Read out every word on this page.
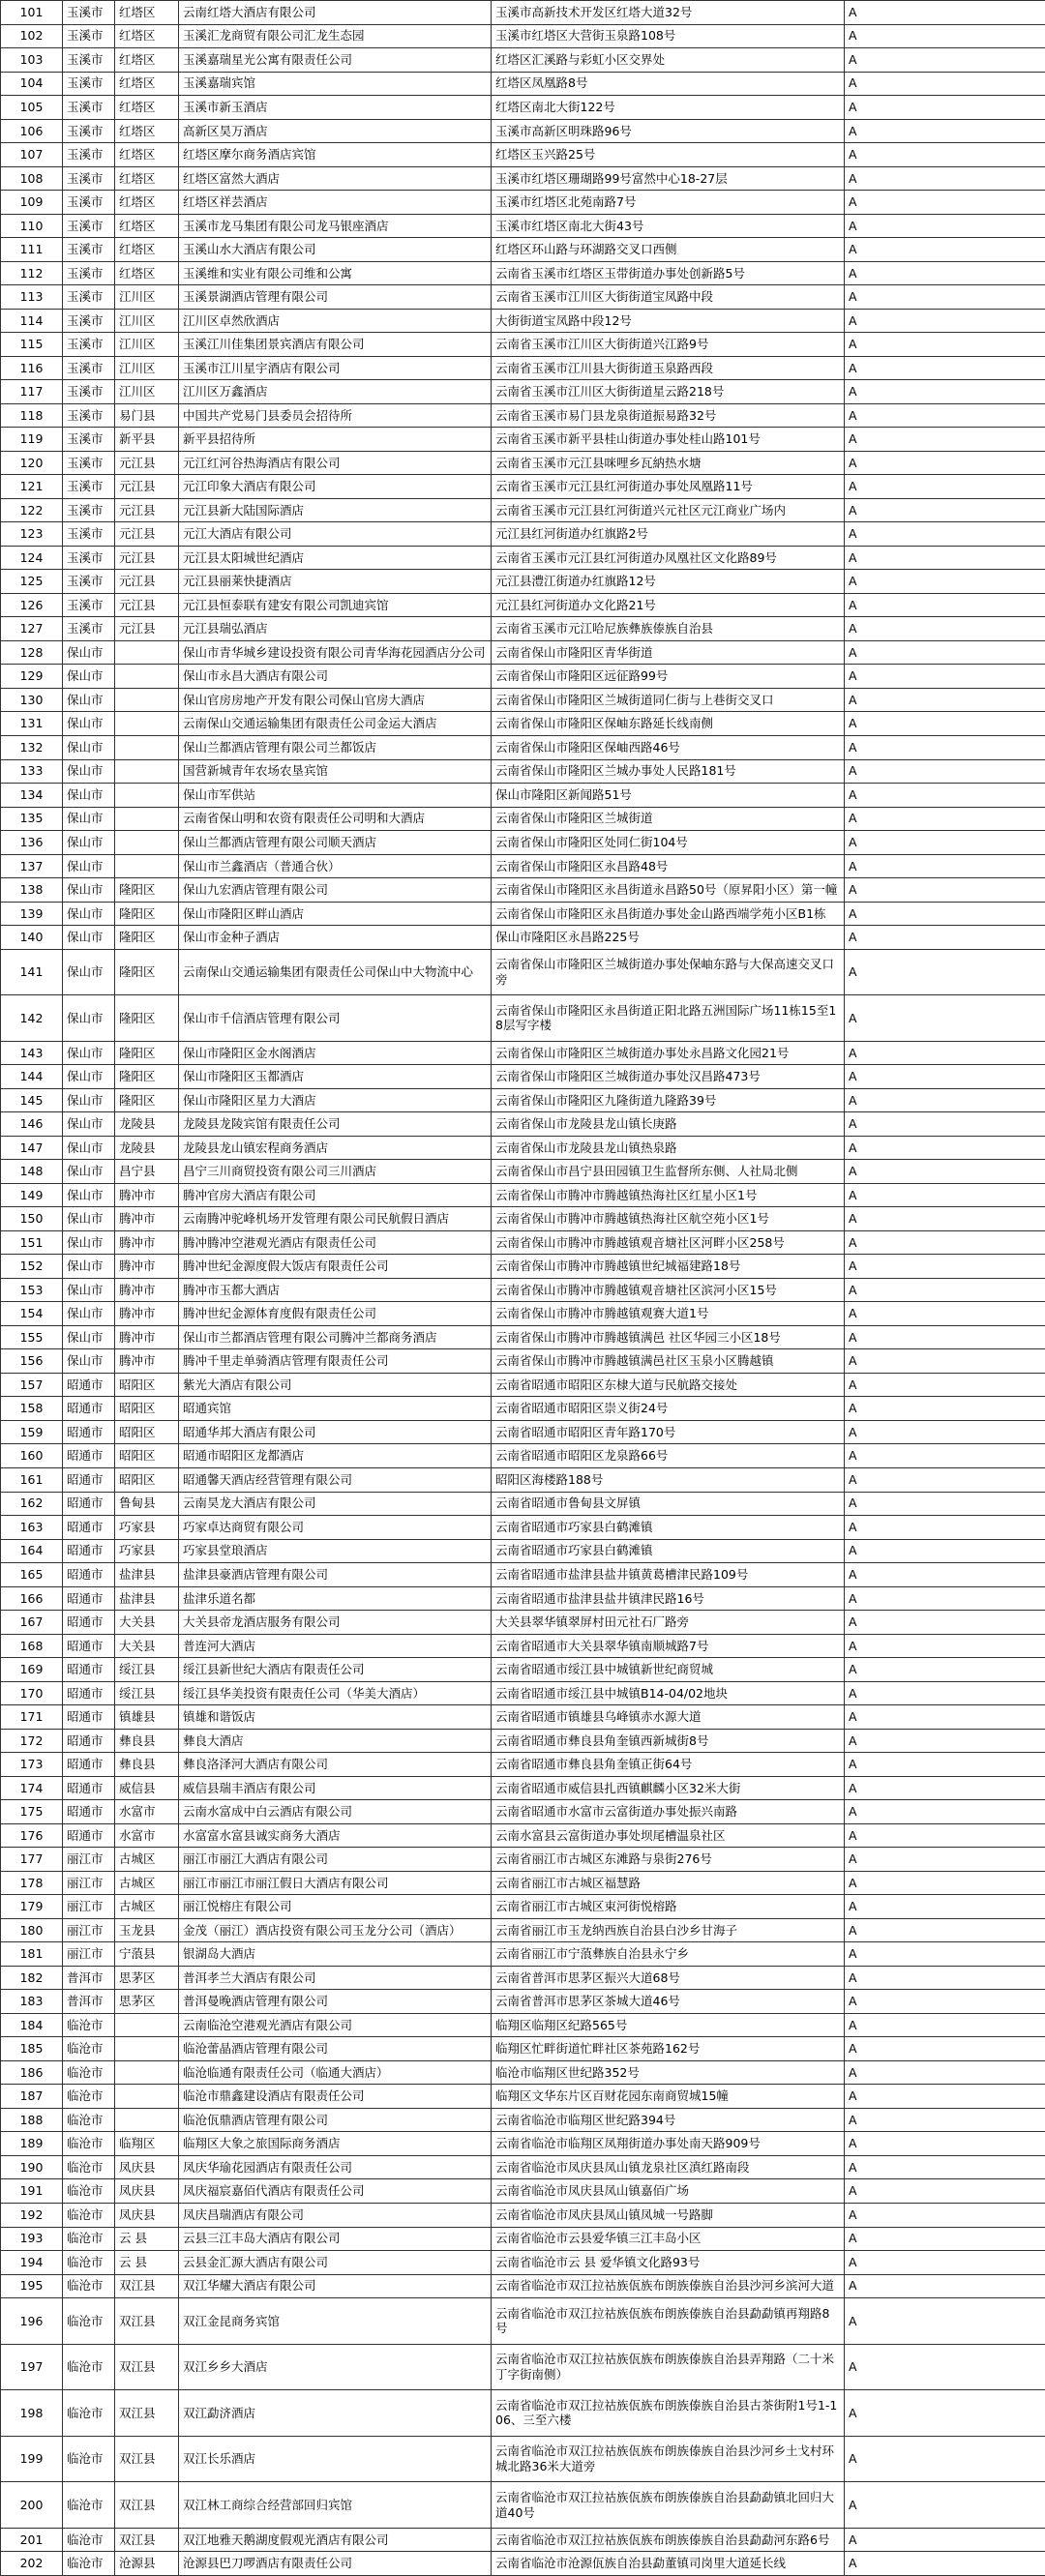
101	玉溪市	红塔区	云南红塔大酒店有限公司	玉溪市高新技术开发区红塔大道32号	A
102	玉溪市	红塔区	玉溪汇龙商贸有限公司汇龙生态园	玉溪市红塔区大营街玉泉路108号	A
103	玉溪市	红塔区	玉溪嘉瑞星光公寓有限责任公司	红塔区汇溪路与彩虹小区交界处	A
104	玉溪市	红塔区	玉溪嘉瑞宾馆	红塔区凤凰路8号	A
105	玉溪市	红塔区	玉溪市新玉酒店	红塔区南北大街122号	A
106	玉溪市	红塔区	高新区昊万酒店	玉溪市高新区明珠路96号	A
107	玉溪市	红塔区	红塔区摩尔商务酒店宾馆	红塔区玉兴路25号	A
108	玉溪市	红塔区	红塔区富然大酒店	玉溪市红塔区珊瑚路99号富然中心18-27层	A
109	玉溪市	红塔区	红塔区祥芸酒店	玉溪市红塔区北苑南路7号	A
110	玉溪市	红塔区	玉溪市龙马集团有限公司龙马银座酒店	玉溪市红塔区南北大街43号	A
111	玉溪市	红塔区	玉溪山水大酒店有限公司	红塔区环山路与环湖路交叉口西侧	A
112	玉溪市	红塔区	玉溪维和实业有限公司维和公寓	云南省玉溪市红塔区玉带街道办事处创新路5号	A
113	玉溪市	江川区	玉溪景湖酒店管理有限公司	云南省玉溪市江川区大街街道宝凤路中段	A
114	玉溪市	江川区	江川区卓然欣酒店	大街街道宝凤路中段12号	A
115	玉溪市	江川区	玉溪江川佳集团景宾酒店有限公司	云南省玉溪市江川区大街街道兴江路9号	A
116	玉溪市	江川区	玉溪市江川星宇酒店有限公司	云南省玉溪市江川县大街街道玉泉路西段	A
117	玉溪市	江川区	江川区万鑫酒店	云南省玉溪市江川区大街街道星云路218号	A
118	玉溪市	易门县	中国共产党易门县委员会招待所	云南省玉溪市易门县龙泉街道振易路32号	A
119	玉溪市	新平县	新平县招待所	云南省玉溪市新平县桂山街道办事处桂山路101号	A
120	玉溪市	元江县	元江红河谷热海酒店有限公司	云南省玉溪市元江县咪哩乡瓦納热水塘	A
121	玉溪市	元江县	元江印象大酒店有限公司	云南省玉溪市元江县红河街道办事处凤凰路11号	A
122	玉溪市	元江县	元江县新大陆国际酒店	云南省玉溪市元江县红河街道兴元社区元江商业广场内	A
123	玉溪市	元江县	元江大酒店有限公司	元江县红河街道办红旗路2号	A
124	玉溪市	元江县	元江县太阳城世纪酒店	云南省玉溪市元江县红河街道办凤凰社区文化路89号	A
125	玉溪市	元江县	元江县丽莱快捷酒店	元江县澧江街道办红旗路12号	A
126	玉溪市	元江县	元江县恒泰联有建安有限公司凯迪宾馆	元江县红河街道办文化路21号	A
127	玉溪市	元江县	元江县瑞弘酒店	云南省玉溪市元江哈尼族彝族傣族自治县	A
128	保山市		保山市青华城乡建设投资有限公司青华海花园酒店分公司	云南省保山市隆阳区青华街道	A
129	保山市		保山市永昌大酒店有限公司	云南省保山市隆阳区远征路99号	A
130	保山市		保山官房房地产开发有限公司保山官房大酒店	云南省保山市隆阳区兰城街道同仁街与上巷街交叉口	A
131	保山市		云南保山交通运输集团有限责任公司金运大酒店	云南省保山市隆阳区保岫东路延长线南侧	A
132	保山市		保山兰都酒店管理有限公司兰都饭店	云南省保山市隆阳区保岫西路46号	A
133	保山市		国营新城青年农场农垦宾馆	云南省保山市隆阳区兰城办事处人民路181号	A
134	保山市		保山市军供站	保山市隆阳区新闻路51号	A
135	保山市		云南省保山明和农资有限责任公司明和大酒店	云南省保山市隆阳区兰城街道	A
136	保山市		保山兰都酒店管理有限公司顺天酒店	云南省保山市隆阳区处同仁街104号	A
137	保山市		保山市兰鑫酒店（普通合伙）	云南省保山市隆阳区永昌路48号	A
138	保山市	隆阳区	保山九宏酒店管理有限公司	云南省保山市隆阳区永昌街道永昌路50号（原昇阳小区）第一幢	A
139	保山市	隆阳区	保山市隆阳区畔山酒店	云南省保山市隆阳区永昌街道办事处金山路西端学苑小区B1栋	A
140	保山市	隆阳区	保山市金种子酒店	保山市隆阳区永昌路225号	A
141	保山市	隆阳区	云南保山交通运输集团有限责任公司保山中大物流中心	云南省保山市隆阳区兰城街道办事处保岫东路与大保高速交叉口旁	A
142	保山市	隆阳区	保山市千信酒店管理有限公司	云南省保山市隆阳区永昌街道正阳北路五洲国际广场11栋15至18层写字楼	A
143	保山市	隆阳区	保山市隆阳区金水阁酒店	云南省保山市隆阳区兰城街道办事处永昌路文化园21号	A
144	保山市	隆阳区	保山市隆阳区玉都酒店	云南省保山市隆阳区兰城街道办事处汉昌路473号	A
145	保山市	隆阳区	保山市隆阳区星力大酒店	云南省保山市隆阳区九隆街道九隆路39号	A
146	保山市	龙陵县	龙陵县龙陵宾馆有限责任公司	云南省保山市龙陵县龙山镇长庚路	A
147	保山市	龙陵县	龙陵县龙山镇宏程商务酒店	云南省保山市龙陵县龙山镇热泉路	A
148	保山市	昌宁县	昌宁三川商贸投资有限公司三川酒店	云南省保山市昌宁县田园镇卫生监督所东侧、人社局北侧	A
149	保山市	腾冲市	腾冲官房大酒店有限公司	云南省保山市腾冲市腾越镇热海社区红星小区1号	A
150	保山市	腾冲市	云南腾冲驼峰机场开发管理有限公司民航假日酒店	云南省保山市腾冲市腾越镇热海社区航空苑小区1号	A
151	保山市	腾冲市	腾冲腾冲空港观光酒店有限责任公司	云南省保山市腾冲市腾越镇观音塘社区河畔小区258号	A
152	保山市	腾冲市	腾冲世纪金源度假大饭店有限责任公司	云南省保山市腾冲市腾越镇世纪城福建路18号	A
153	保山市	腾冲市	腾冲市玉都大酒店	云南省保山市腾冲市腾越镇观音塘社区滨河小区15号	A
154	保山市	腾冲市	腾冲世纪金源体育度假有限责任公司	云南省保山市腾冲市腾越镇观赛大道1号	A
155	保山市	腾冲市	保山市兰都酒店管理有限公司腾冲兰都商务酒店	云南省保山市腾冲市腾越镇满邑 社区华园三小区18号	A
156	保山市	腾冲市	腾冲千里走单骑酒店管理有限责任公司	云南省保山市腾冲市腾越镇满邑社区玉泉小区腾越镇	A
157	昭通市	昭阳区	紫光大酒店有限公司	云南省昭通市昭阳区东棣大道与民航路交接处	A
158	昭通市	昭阳区	昭通宾馆	云南省昭通市昭阳区崇义街24号	A
159	昭通市	昭阳区	昭通华邦大酒店有限公司	云南省昭通市昭阳区青年路170号	A
160	昭通市	昭阳区	昭通市昭阳区龙都酒店	云南省昭通市昭阳区龙泉路66号	A
161	昭通市	昭阳区	昭通馨天酒店经营管理有限公司	昭阳区海楼路188号	A
162	昭通市	鲁甸县	云南昊龙大酒店有限公司	云南省昭通市鲁甸县文屏镇	A
163	昭通市	巧家县	巧家卓达商贸有限公司	云南省昭通市巧家县白鹤滩镇	A
164	昭通市	巧家县	巧家县堂琅酒店	云南省昭通市巧家县白鹤滩镇	A
165	昭通市	盐津县	盐津县豪酒店管理有限公司	云南省昭通市盐津县盐井镇黄葛槽津民路109号	A
166	昭通市	盐津县	盐津乐道名都	云南省昭通市盐津县盐井镇津民路16号	A
167	昭通市	大关县	大关县帝龙酒店服务有限公司	大关县翠华镇翠屏村田元社石厂路旁	A
168	昭通市	大关县	普连河大酒店	云南省昭通市大关县翠华镇南顺城路7号	A
169	昭通市	绥江县	绥江县新世纪大酒店有限责任公司	云南省昭通市绥江县中城镇新世纪商贸城	A
170	昭通市	绥江县	绥江县华美投资有限责任公司（华美大酒店）	云南省昭通市绥江县中城镇B14-04/02地块	A
171	昭通市	镇雄县	镇雄和谐饭店	云南省昭通市镇雄县乌峰镇赤水源大道	A
172	昭通市	彝良县	彝良大酒店	云南省昭通市彝良县角奎镇西新城街8号	A
173	昭通市	彝良县	彝良洛泽河大酒店有限公司	云南省昭通市彝良县角奎镇正街64号	A
174	昭通市	威信县	威信县瑞丰酒店有限公司	云南省昭通市威信县扎西镇麒麟小区32米大街	A
175	昭通市	水富市	云南水富成中白云酒店有限公司	云南省昭通市水富市云富街道办事处振兴南路	A
176	昭通市	水富市	水富富水富县诚实商务大酒店	云南水富县云富街道办事处坝尾槽温泉社区	A
177	丽江市	古城区	丽江市丽江大酒店有限公司	云南省丽江市古城区东滩路与泉街276号	A
178	丽江市	古城区	丽江市丽江市丽江假日大酒店有限公司	云南省丽江市古城区福慧路	A
179	丽江市	古城区	丽江悦榕庄有限公司	云南省丽江市古城区束河街悦榕路	A
180	丽江市	玉龙县	金茂（丽江）酒店投资有限公司玉龙分公司（酒店）	云南省丽江市玉龙纳西族自治县白沙乡甘海子	A
181	丽江市	宁蒗县	银湖岛大酒店	云南省丽江市宁蒗彝族自治县永宁乡	A
182	普洱市	思茅区	普洱孝兰大酒店有限公司	云南省普洱市思茅区振兴大道68号	A
183	普洱市	思茅区	普洱曼晚酒店管理有限公司	云南省普洱市思茅区茶城大道46号	A
184	临沧市		云南临沧空港观光酒店有限公司	临翔区临翔区纪路565号	A
185	临沧市		临沧蕾晶酒店管理有限公司	临翔区忙畔街道忙畔社区茶苑路162号	A
186	临沧市		临沧临通有限责任公司（临通大酒店）	临沧市临翔区世纪路352号	A
187	临沧市		临沧市鼎鑫建设酒店有限责任公司	临翔区文华东片区百财花园东南商贸城15幢	A
188	临沧市		临沧佤鼎酒店管理有限公司	云南省临沧市临翔区世纪路394号	A
189	临沧市	临翔区	临翔区大象之旅国际商务酒店	云南省临沧市临翔区凤翔街道办事处南天路909号	A
190	临沧市	凤庆县	凤庆华瑜花园酒店有限责任公司	云南省临沧市凤庆县凤山镇龙泉社区滇红路南段	A
191	临沧市	凤庆县	凤庆福宸嘉佰代酒店有限责任公司	云南省临沧市凤庆县凤山镇嘉佰广场	A
192	临沧市	凤庆县	凤庆昌瑞酒店有限公司	云南省临沧市凤庆县凤山镇凤城一号路脚	A
193	临沧市	云 县	云县三江丰岛大酒店有限公司	云南省临沧市云县爱华镇三江丰岛小区	A
194	临沧市	云 县	云县金汇源大酒店有限公司	云南省临沧市云 县 爱华镇文化路93号	A
195	临沧市	双江县	双江华耀大酒店有限公司	云南省临沧市双江拉祜族佤族布朗族傣族自治县沙河乡滨河大道	A
196	临沧市	双江县	双江金昆商务宾馆	云南省临沧市双江拉祜族佤族布朗族傣族自治县勐勐镇再翔路8号	A
197	临沧市	双江县	双江乡乡大酒店	云南省临沧市双江拉祜族佤族布朗族傣族自治县弄翔路（二十米丁字街南侧）	A
198	临沧市	双江县	双江勐济酒店	云南省临沧市双江拉祜族佤族布朗族傣族自治县古茶街附1号1-106、三至六楼	A
199	临沧市	双江县	双江长乐酒店	云南省临沧市双江拉祜族佤族布朗族傣族自治县沙河乡土戈村环城北路36米大道旁	A
200	临沧市	双江县	双江林工商综合经营部回归宾馆	云南省临沧市双江拉祜族佤族布朗族傣族自治县勐勐镇北回归大道40号	A
201	临沧市	双江县	双江地雅天鹅湖度假观光酒店有限公司	云南省临沧市双江拉祜族佤族布朗族傣族自治县勐勐河东路6号	A
202	临沧市	沧源县	沧源县巴刀啰酒店有限责任公司	云南省临沧市沧源佤族自治县勐董镇司岗里大道延长线	A
